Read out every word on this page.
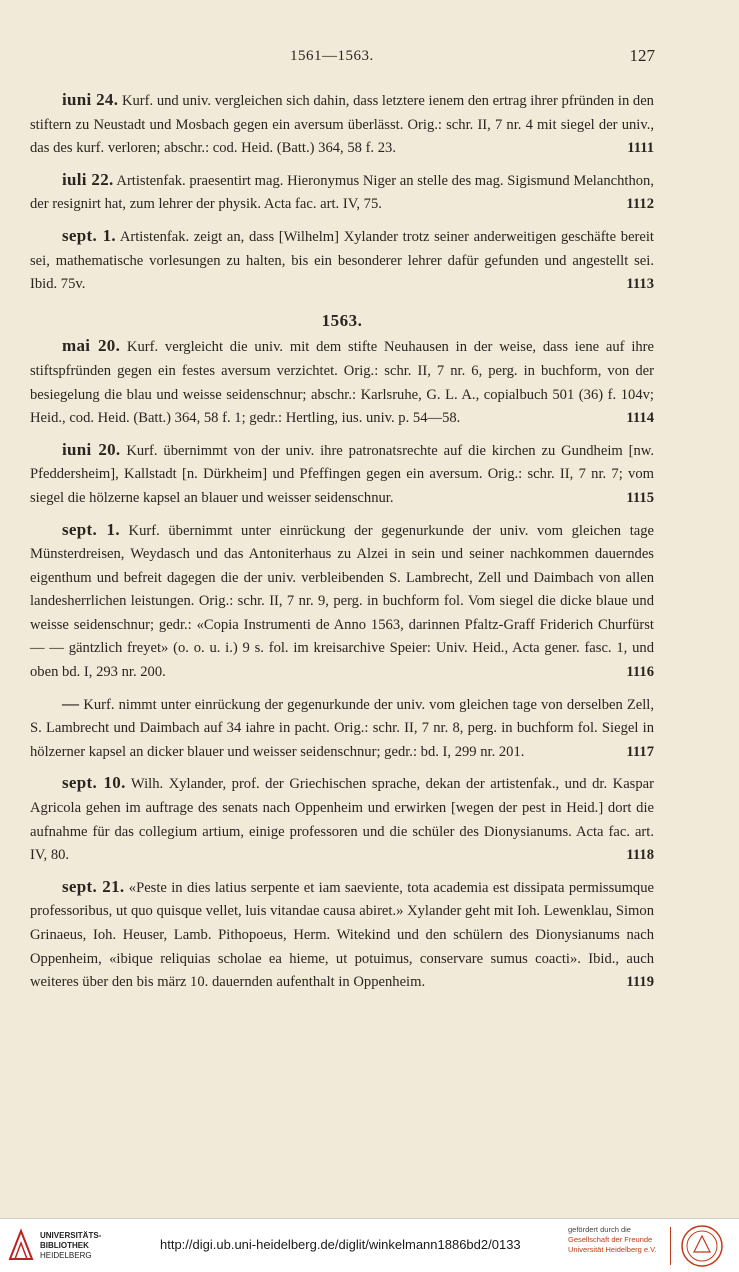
1561—1563.	127

iuni 24. Kurf. und univ. vergleichen sich dahin, dass letztere ienem den ertrag ihrer pfründen in den stiftern zu Neustadt und Mosbach gegen ein aversum überlässt. Orig.: schr. II, 7 nr. 4 mit siegel der univ., das des kurf. verloren; abschr.: cod. Heid. (Batt.) 364, 58 f. 23.	1111

iuli 22. Artistenfak. praesentirt mag. Hieronymus Niger an stelle des mag. Sigismund Melanchthon, der resignirt hat, zum lehrer der physik. Acta fac. art. IV, 75.	1112

sept. 1. Artistenfak. zeigt an, dass [Wilhelm] Xylander trotz seiner anderweitigen geschäfte bereit sei, mathematische vorlesungen zu halten, bis ein besonderer lehrer dafür gefunden und angestellt sei. Ibid. 75v.	1113

1563.

mai 20. Kurf. vergleicht die univ. mit dem stifte Neuhausen in der weise, dass iene auf ihre stiftspfründen gegen ein festes aversum verzichtet. Orig.: schr. II, 7 nr. 6, perg. in buchform, von der besiegelung die blau und weisse seidenschnur; abschr.: Karlsruhe, G. L. A., copialbuch 501 (36) f. 104v; Heid., cod. Heid. (Batt.) 364, 58 f. 1; gedr.: Hertling, ius. univ. p. 54—58.	1114

iuni 20. Kurf. übernimmt von der univ. ihre patronatsrechte auf die kirchen zu Gundheim [nw. Pfeddersheim], Kallstadt [n. Dürkheim] und Pfeffingen gegen ein aversum. Orig.: schr. II, 7 nr. 7; vom siegel die hölzerne kapsel an blauer und weisser seidenschnur.	1115

sept. 1. Kurf. übernimmt unter einrückung der gegenurkunde der univ. vom gleichen tage Münsterdreisen, Weydasch und das Antoniterhaus zu Alzei in sein und seiner nachkommen dauerndes eigenthum und befreit dagegen die der univ. verbleibenden S. Lambrecht, Zell und Daimbach von allen landesherrlichen leistungen. Orig.: schr. II, 7 nr. 9, perg. in buchform fol. Vom siegel die dicke blaue und weisse seidenschnur; gedr.: «Copia Instrumenti de Anno 1563, darinnen Pfaltz-Graff Friderich Churfürst — — gäntzlich freyet» (o. o. u. i.) 9 s. fol. im kreisarchive Speier: Univ. Heid., Acta gener. fasc. 1, und oben bd. I, 293 nr. 200.	1116

— Kurf. nimmt unter einrückung der gegenurkunde der univ. vom gleichen tage von derselben Zell, S. Lambrecht und Daimbach auf 34 iahre in pacht. Orig.: schr. II, 7 nr. 8, perg. in buchform fol. Siegel in hölzerner kapsel an dicker blauer und weisser seidenschnur; gedr.: bd. I, 299 nr. 201.	1117

sept. 10. Wilh. Xylander, prof. der Griechischen sprache, dekan der artistenfak., und dr. Kaspar Agricola gehen im auftrage des senats nach Oppenheim und erwirken [wegen der pest in Heid.] dort die aufnahme für das collegium artium, einige professoren und die schüler des Dionysianums. Acta fac. art. IV, 80.	1118

sept. 21. «Peste in dies latius serpente et iam saeviente, tota academia est dissipata permissumque professoribus, ut quo quisque vellet, luis vitandae causa abiret.» Xylander geht mit Ioh. Lewenklau, Simon Grinaeus, Ioh. Heuser, Lamb. Pithopoeus, Herm. Witekind und den schülern des Dionysianums nach Oppenheim, «ibique reliquias scholae ea hieme, ut potuimus, conservare sumus coacti». Ibid., auch weiteres über den bis märz 10. dauernden aufenthalt in Oppenheim.	1119

UNIVERSITÄTS-
BIBLIOTHEK
HEIDELBERG
http://digi.ub.uni-heidelberg.de/diglit/winkelmann1886bd2/0133
gefördert durch die
Gesellschaft der Freunde
Universität Heidelberg e.V.
